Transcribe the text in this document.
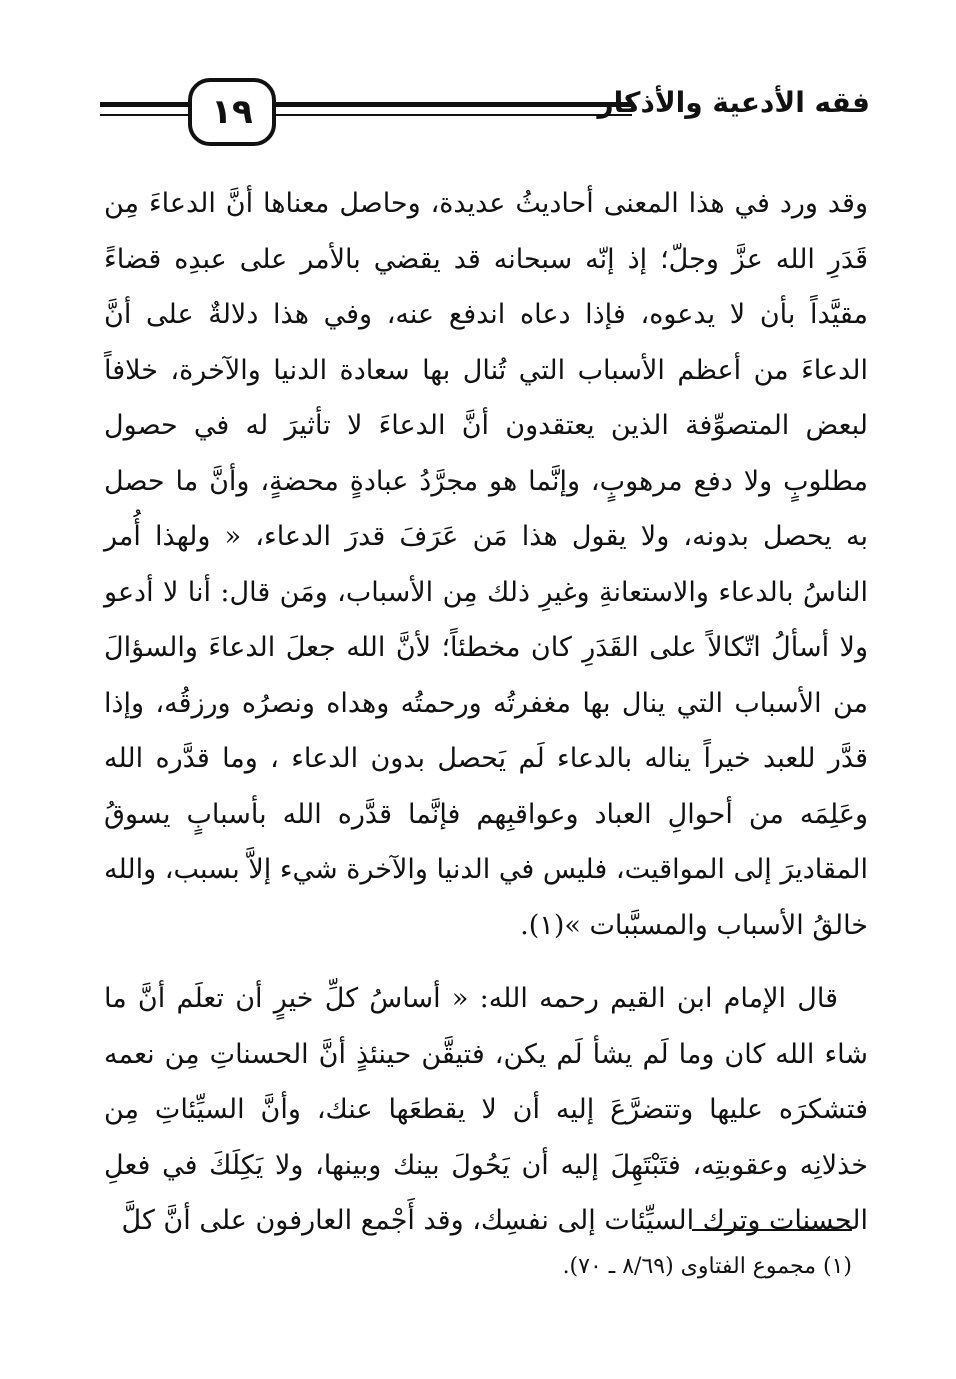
١٩	فقه الأدعية والأذكار

وقد ورد في هذا المعنى أحاديثُ عديدة، وحاصل معناها أنَّ الدعاءَ مِن قَدَرِ الله عزَّ وجلّ؛ إذ إنّه سبحانه قد يقضي بالأمر على عبدِه قضاءً مقيَّداً بأن لا يدعوه، فإذا دعاه اندفع عنه، وفي هذا دلالةٌ على أنَّ الدعاءَ من أعظم الأسباب التي تُنال بها سعادة الدنيا والآخرة، خلافاً لبعض المتصوِّفة الذين يعتقدون أنَّ الدعاءَ لا تأثيرَ له في حصول مطلوبٍ ولا دفع مرهوبٍ، وإنَّما هو مجرَّدُ عبادةٍ محضةٍ، وأنَّ ما حصل به يحصل بدونه، ولا يقول هذا مَن عَرَفَ قدرَ الدعاء، « ولهذا أُمر الناسُ بالدعاء والاستعانةِ وغيرِ ذلك مِن الأسباب، ومَن قال: أنا لا أدعو ولا أسألُ اتّكالاً على القَدَرِ كان مخطئاً؛ لأنَّ الله جعلَ الدعاءَ والسؤالَ من الأسباب التي ينال بها مغفرتُه ورحمتُه وهداه ونصرُه ورزقُه، وإذا قدَّر للعبد خيراً يناله بالدعاء لَم يَحصل بدون الدعاء ، وما قدَّره الله وعَلِمَه من أحوالِ العباد وعواقبِهم فإنَّما قدَّره الله بأسبابٍ يسوقُ المقاديرَ إلى المواقيت، فليس في الدنيا والآخرة شيء إلاَّ بسبب، والله خالقُ الأسباب والمسبَّبات »(١).

قال الإمام ابن القيم رحمه الله: « أساسُ كلِّ خيرٍ أن تعلَم أنَّ ما شاء الله كان وما لَم يشأ لَم يكن، فتيقَّن حينئذٍ أنَّ الحسناتِ مِن نعمه فتشكرَه عليها وتتضرَّعَ إليه أن لا يقطعَها عنك، وأنَّ السيِّئاتِ مِن خذلانِه وعقوبتِه، فتَبْتَهِلَ إليه أن يَحُولَ بينك وبينها، ولا يَكِلَكَ في فعلِ الحسنات وترك السيِّئات إلى نفسِك، وقد أَجْمع العارفون على أنَّ كلَّ

(١) مجموع الفتاوى (٨/٦٩ ـ ٧٠).
